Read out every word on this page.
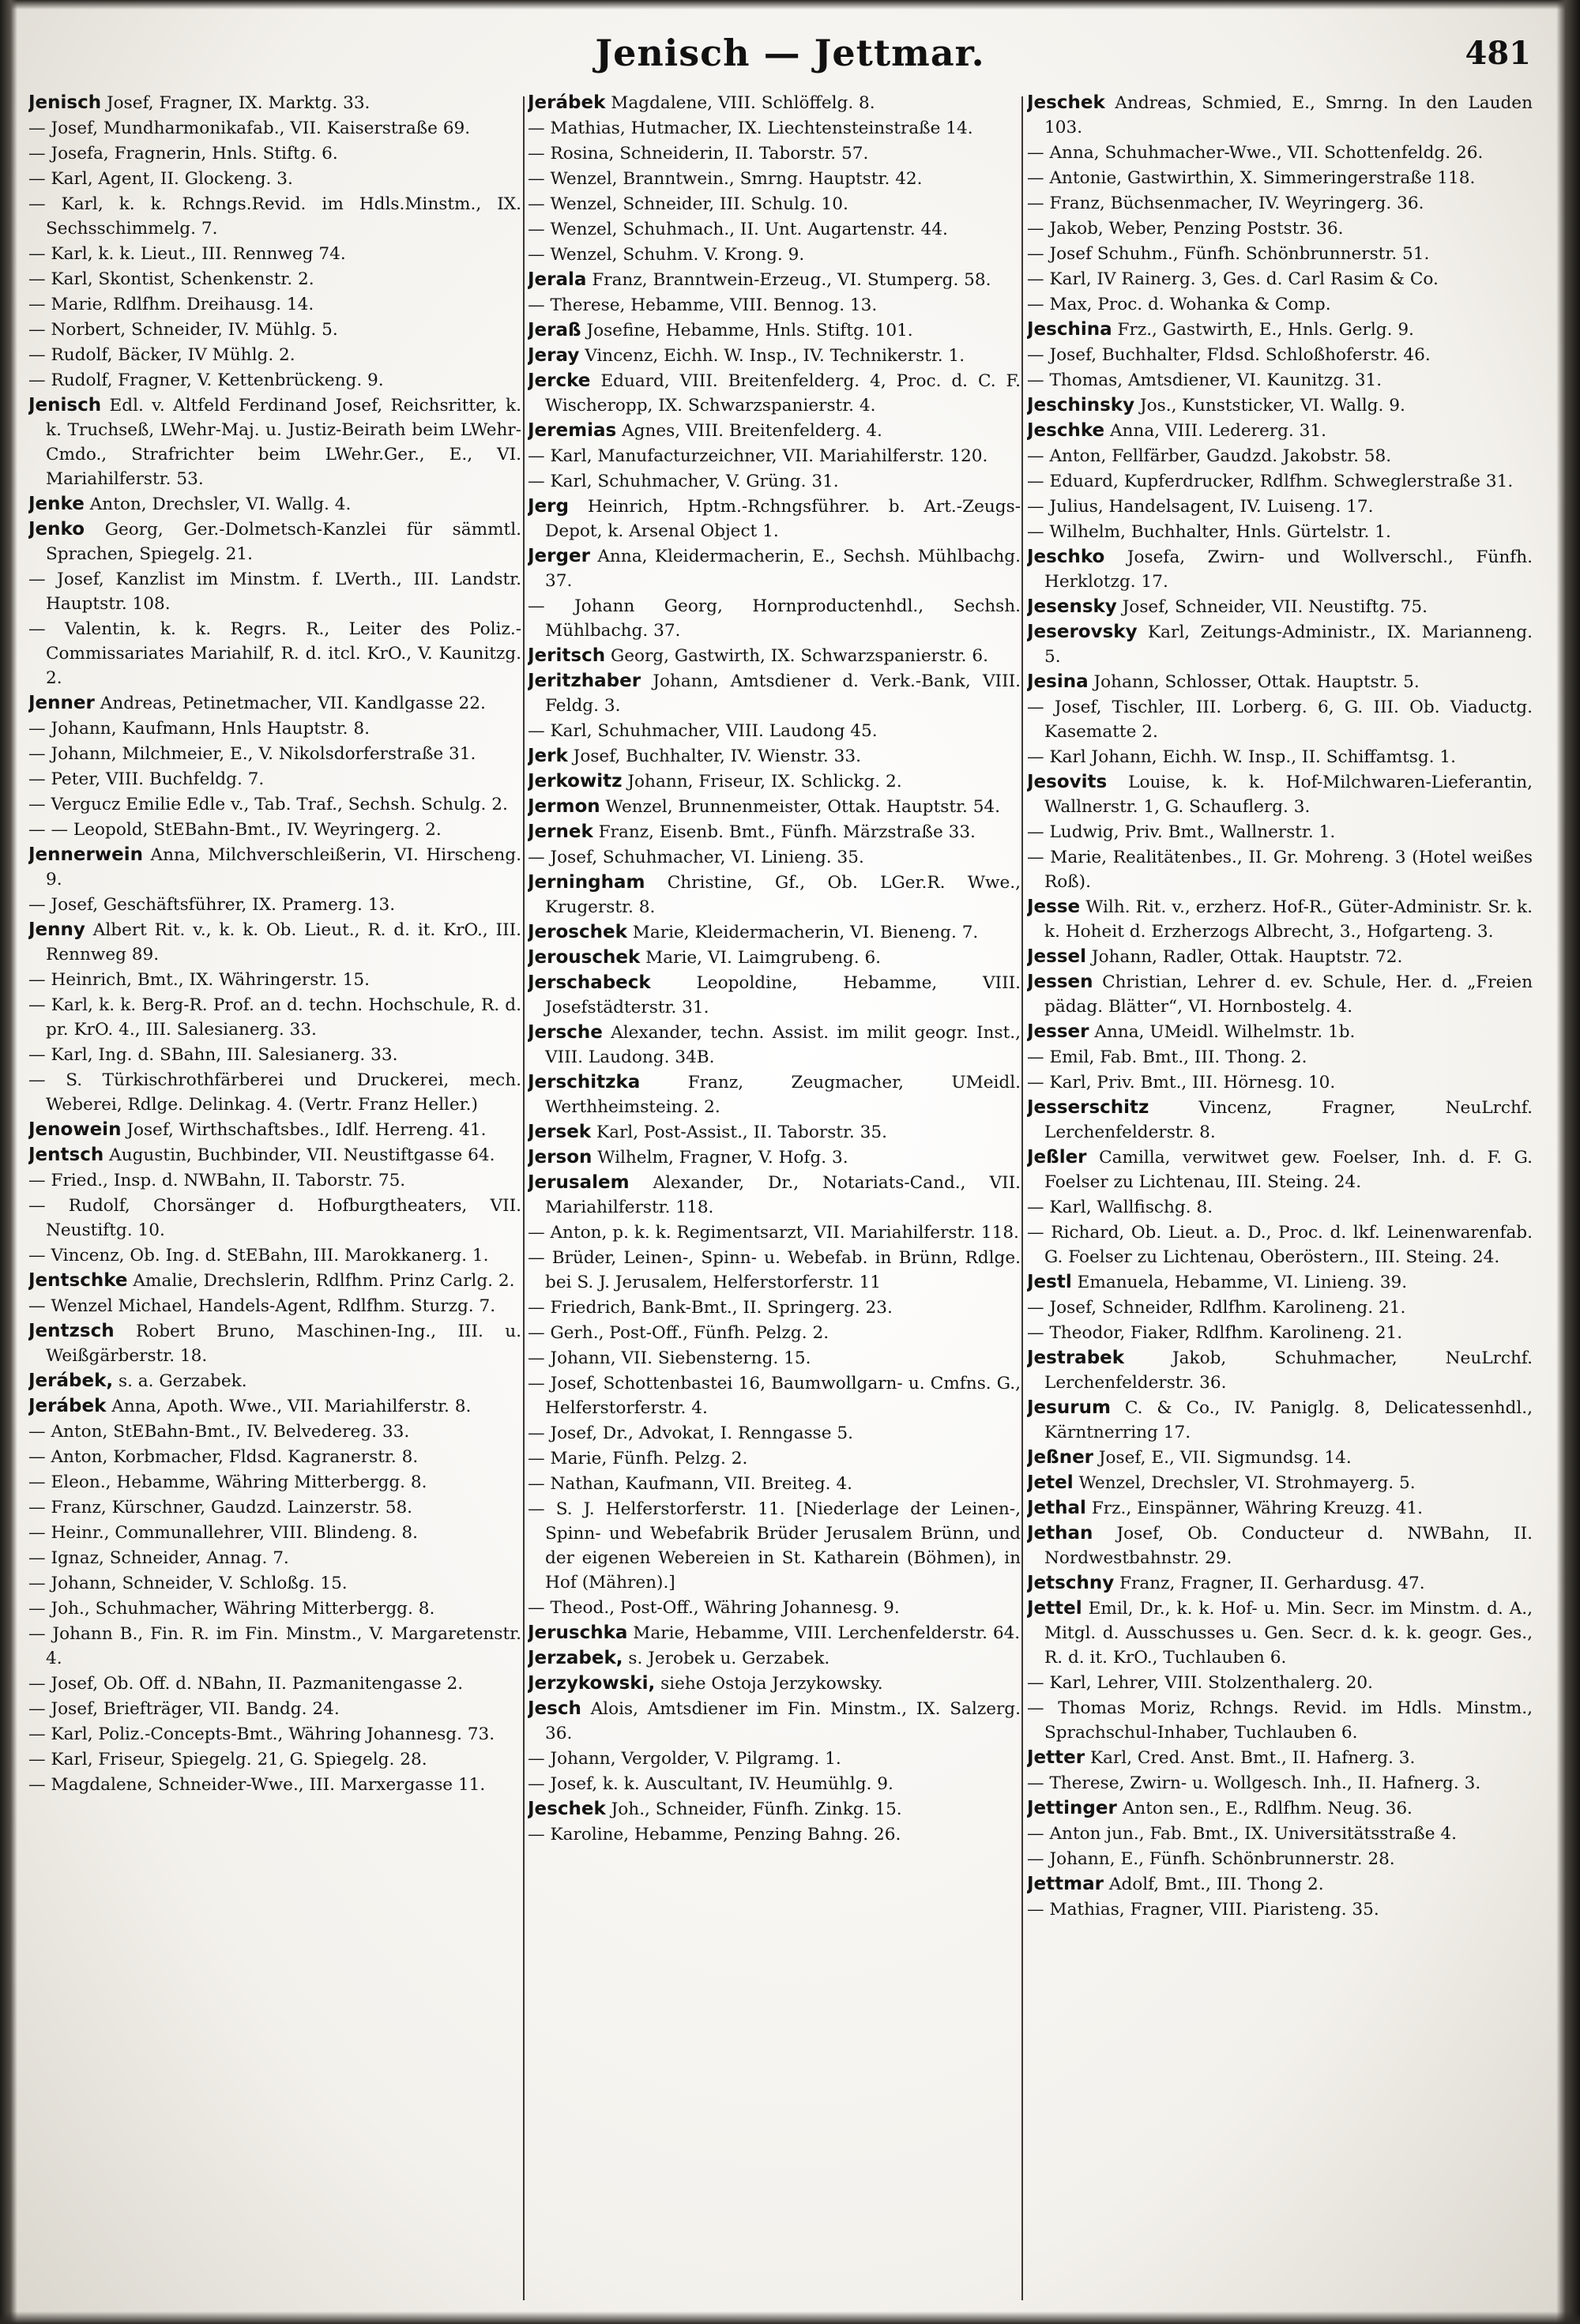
Jenisch — Jettmar.	481
Jenisch Josef, Fragner, IX. Marktg. 33.
— Josef, Mundharmonikafab., VII. Kaiserstraße 69.
— Josefa, Fragnerin, Hnls. Stiftg. 6.
— Karl, Agent, II. Glockeng. 3.
— Karl, k. k. Rchngs.Revid. im Hdls.Minstm., IX. Sechsschimmelg. 7.
— Karl, k. k. Lieut., III. Rennweg 74.
— Karl, Skontist, Schenkenstr. 2.
— Marie, Rdlfhm. Dreihausg. 14.
— Norbert, Schneider, IV. Mühlg. 5.
— Rudolf, Bäcker, IV Mühlg. 2.
— Rudolf, Fragner, V. Kettenbrückeng. 9.
Jenisch Edl. v. Altfeld Ferdinand Josef, Reichsritter, k. k. Truchseß, LWehr-Maj. u. Justiz-Beirath beim LWehr-Cmdo., Strafrichter beim LWehr.Ger., E., VI. Mariahilferstr. 53.
Jenke Anton, Drechsler, VI. Wallg. 4.
Jenko Georg, Ger.-Dolmetsch-Kanzlei für sämmtl. Sprachen, Spiegelg. 21.
— Josef, Kanzlist im Minstm. f. LVerth., III. Landstr. Hauptstr. 108.
— Valentin, k. k. Regrs. R., Leiter des Poliz.-Commissariates Mariahilf, R. d. itcl. KrO., V. Kaunitzg. 2.
Jenner Andreas, Petinetmacher, VII. Kandlgasse 22.
— Johann, Kaufmann, Hnls Hauptstr. 8.
— Johann, Milchmeier, E., V. Nikolsdorferstraße 31.
— Peter, VIII. Buchfeldg. 7.
— Vergucz Emilie Edle v., Tab. Traf., Sechsh. Schulg. 2.
— — Leopold, StEBahn-Bmt., IV. Weyringerg. 2.
Jennerwein Anna, Milchverschleißerin, VI. Hirscheng. 9.
— Josef, Geschäftsführer, IX. Pramerg. 13.
Jenny Albert Rit. v., k. k. Ob. Lieut., R. d. it. KrO., III. Rennweg 89.
— Heinrich, Bmt., IX. Währingerstr. 15.
— Karl, k. k. Berg-R. Prof. an d. techn. Hochschule, R. d. pr. KrO. 4., III. Salesianerg. 33.
— Karl, Ing. d. SBahn, III. Salesianerg. 33.
— S. Türkischrothfärberei und Druckerei, mech. Weberei, Rdlge. Delinkag. 4. (Vertr. Franz Heller.)
Jenowein Josef, Wirthschaftsbes., Idlf. Herreng. 41.
Jentsch Augustin, Buchbinder, VII. Neustiftgasse 64.
— Fried., Insp. d. NWBahn, II. Taborstr. 75.
— Rudolf, Chorsänger d. Hofburgtheaters, VII. Neustiftg. 10.
— Vincenz, Ob. Ing. d. StEBahn, III. Marokkanerg. 1.
Jentschke Amalie, Drechslerin, Rdlfhm. Prinz Carlg. 2.
— Wenzel Michael, Handels-Agent, Rdlfhm. Sturzg. 7.
Jentzsch Robert Bruno, Maschinen-Ing., III. u. Weißgärberstr. 18.
Jerábek, s. a. Gerzabek.
Jerábek Anna, Apoth. Wwe., VII. Mariahilferstr. 8.
— Anton, StEBahn-Bmt., IV. Belvedereg. 33.
— Anton, Korbmacher, Fldsd. Kagranerstr. 8.
— Eleon., Hebamme, Währing Mitterbergg. 8.
— Franz, Kürschner, Gaudzd. Lainzerstr. 58.
— Heinr., Communallehrer, VIII. Blindeng. 8.
— Ignaz, Schneider, Annag. 7.
— Johann, Schneider, V. Schloßg. 15.
— Joh., Schuhmacher, Währing Mitterbergg. 8.
— Johann B., Fin. R. im Fin. Minstm., V. Margaretenstr. 4.
— Josef, Ob. Off. d. NBahn, II. Pazmanitengasse 2.
— Josef, Briefträger, VII. Bandg. 24.
— Karl, Poliz.-Concepts-Bmt., Währing Johannesg. 73.
— Karl, Friseur, Spiegelg. 21, G. Spiegelg. 28.
— Magdalene, Schneider-Wwe., III. Marxergasse 11.
Jerábek Magdalene, VIII. Schlöffelg. 8.
— Mathias, Hutmacher, IX. Liechtensteinstraße 14.
— Rosina, Schneiderin, II. Taborstr. 57.
— Wenzel, Branntwein., Smrng. Hauptstr. 42.
— Wenzel, Schneider, III. Schulg. 10.
— Wenzel, Schuhmach., II. Unt. Augartenstr. 44.
— Wenzel, Schuhm. V. Krong. 9.
Jerala Franz, Branntwein-Erzeug., VI. Stumperg. 58.
— Therese, Hebamme, VIII. Bennog. 13.
Jeraß Josefine, Hebamme, Hnls. Stiftg. 101.
Jeray Vincenz, Eichh. W. Insp., IV. Technikerstr. 1.
Jercke Eduard, VIII. Breitenfelderg. 4, Proc. d. C. F. Wischeropp, IX. Schwarzspanierstr. 4.
Jeremias Agnes, VIII. Breitenfelderg. 4.
— Karl, Manufacturzeichner, VII. Mariahilferstr. 120.
— Karl, Schuhmacher, V. Grüng. 31.
Jerg Heinrich, Hptm.-Rchngsführer. b. Art.-Zeugs-Depot, k. Arsenal Object 1.
Jerger Anna, Kleidermacherin, E., Sechsh. Mühlbachg. 37.
— Johann Georg, Hornproductenhdl., Sechsh. Mühlbachg. 37.
Jeritsch Georg, Gastwirth, IX. Schwarzspanierstr. 6.
Jeritzhaber Johann, Amtsdiener d. Verk.-Bank, VIII. Feldg. 3.
— Karl, Schuhmacher, VIII. Laudong 45.
Jerk Josef, Buchhalter, IV. Wienstr. 33.
Jerkowitz Johann, Friseur, IX. Schlickg. 2.
Jermon Wenzel, Brunnenmeister, Ottak. Hauptstr. 54.
Jernek Franz, Eisenb. Bmt., Fünfh. Märzstraße 33.
— Josef, Schuhmacher, VI. Linieng. 35.
Jerningham Christine, Gf., Ob. LGer.R. Wwe., Krugerstr. 8.
Jeroschek Marie, Kleidermacherin, VI. Bieneng. 7.
Jerouschek Marie, VI. Laimgrubeng. 6.
Jerschabeck	Leopoldine, Hebamme, VIII. Josefstädterstr. 31.
Jersche Alexander, techn. Assist. im milit geogr. Inst., VIII. Laudong. 34B.
Jerschitzka	Franz, Zeugmacher, UMeidl. Werthheimsteing. 2.
Jersek Karl, Post-Assist., II. Taborstr. 35.
Jerson Wilhelm, Fragner, V. Hofg. 3.
Jerusalem Alexander, Dr., Notariats-Cand., VII. Mariahilferstr. 118.
— Anton, p. k. k. Regimentsarzt, VII. Mariahilferstr. 118.
— Brüder, Leinen-, Spinn- u. Webefab. in Brünn, Rdlge. bei S. J. Jerusalem, Helferstorferstr. 11
— Friedrich, Bank-Bmt., II. Springerg. 23.
— Gerh., Post-Off., Fünfh. Pelzg. 2.
— Johann, VII. Siebensterng. 15.
— Josef, Schottenbastei 16, Baumwollgarn- u. Cmfns. G., Helferstorferstr. 4.
— Josef, Dr., Advokat, I. Renngasse 5.
— Marie, Fünfh. Pelzg. 2.
— Nathan, Kaufmann, VII. Breiteg. 4.
— S. J. Helferstorferstr. 11. [Niederlage der Leinen-, Spinn- und Webefabrik Brüder Jerusalem Brünn, und der eigenen Webereien in St. Katharein (Böhmen), in Hof (Mähren).]
— Theod., Post-Off., Währing Johannesg. 9.
Jeruschka Marie, Hebamme, VIII. Lerchenfelderstr. 64.
Jerzabek, s. Jerobek u. Gerzabek.
Jerzykowski, siehe Ostoja Jerzykowsky.
Jesch Alois, Amtsdiener im Fin. Minstm., IX. Salzerg. 36.
— Johann, Vergolder, V. Pilgramg. 1.
— Josef, k. k. Auscultant, IV. Heumühlg. 9.
Jeschek Joh., Schneider, Fünfh. Zinkg. 15.
— Karoline, Hebamme, Penzing Bahng. 26.
Jeschek Andreas, Schmied, E., Smrng. In den Lauden 103.
— Anna, Schuhmacher-Wwe., VII. Schottenfeldg. 26.
— Antonie, Gastwirthin, X. Simmeringerstraße 118.
— Franz, Büchsenmacher, IV. Weyringerg. 36.
— Jakob, Weber, Penzing Poststr. 36.
— Josef Schuhm., Fünfh. Schönbrunnerstr. 51.
— Karl, IV Rainerg. 3, Ges. d. Carl Rasim & Co.
— Max, Proc. d. Wohanka & Comp.
Jeschina Frz., Gastwirth, E., Hnls. Gerlg. 9.
— Josef, Buchhalter, Fldsd. Schloßhoferstr. 46.
— Thomas, Amtsdiener, VI. Kaunitzg. 31.
Jeschinsky Jos., Kunststicker, VI. Wallg. 9.
Jeschke Anna, VIII. Ledererg. 31.
— Anton, Fellfärber, Gaudzd. Jakobstr. 58.
— Eduard, Kupferdrucker, Rdlfhm. Schweglerstraße 31.
— Julius, Handelsagent, IV. Luiseng. 17.
— Wilhelm, Buchhalter, Hnls. Gürtelstr. 1.
Jeschko Josefa, Zwirn- und Wollverschl., Fünfh. Herklotzg. 17.
Jesensky Josef, Schneider, VII. Neustiftg. 75.
Jeserovsky Karl, Zeitungs-Administr., IX. Marianneng. 5.
Jesina Johann, Schlosser, Ottak. Hauptstr. 5.
— Josef, Tischler, III. Lorberg. 6, G. III. Ob. Viaductg. Kasematte 2.
— Karl Johann, Eichh. W. Insp., II. Schiffamtsg. 1.
Jesovits Louise, k. k. Hof-Milchwaren-Lieferantin, Wallnerstr. 1, G. Schauflerg. 3.
— Ludwig, Priv. Bmt., Wallnerstr. 1.
— Marie, Realitätenbes., II. Gr. Mohreng. 3 (Hotel weißes Roß).
Jesse Wilh. Rit. v., erzherz. Hof-R., Güter-Administr. Sr. k. k. Hoheit d. Erzherzogs Albrecht, 3., Hofgarteng. 3.
Jessel Johann, Radler, Ottak. Hauptstr. 72.
Jessen Christian, Lehrer d. ev. Schule, Her. d. „Freien pädag. Blätter“, VI. Hornbostelg. 4.
Jesser Anna, UMeidl. Wilhelmstr. 1b.
— Emil, Fab. Bmt., III. Thong. 2.
— Karl, Priv. Bmt., III. Hörnesg. 10.
Jesserschitz	Vincenz, Fragner, NeuLrchf. Lerchenfelderstr. 8.
Jeßler Camilla, verwitwet gew. Foelser, Inh. d. F. G. Foelser zu Lichtenau, III. Steing. 24.
— Karl, Wallfischg. 8.
— Richard, Ob. Lieut. a. D., Proc. d. lkf. Leinenwarenfab. G. Foelser zu Lichtenau, Oberöstern., III. Steing. 24.
Jestl Emanuela, Hebamme, VI. Linieng. 39.
— Josef, Schneider, Rdlfhm. Karolineng. 21.
— Theodor, Fiaker, Rdlfhm. Karolineng. 21.
Jestrabek	Jakob, Schuhmacher, NeuLrchf. Lerchenfelderstr. 36.
Jesurum C. & Co., IV. Paniglg. 8, Delicatessenhdl., Kärntnerring 17.
Jeßner Josef, E., VII. Sigmundsg. 14.
Jetel Wenzel, Drechsler, VI. Strohmayerg. 5.
Jethal Frz., Einspänner, Währing Kreuzg. 41.
Jethan Josef, Ob. Conducteur d. NWBahn, II. Nordwestbahnstr. 29.
Jetschny Franz, Fragner, II. Gerhardusg. 47.
Jettel Emil, Dr., k. k. Hof- u. Min. Secr. im Minstm. d. A., Mitgl. d. Ausschusses u. Gen. Secr. d. k. k. geogr. Ges., R. d. it. KrO., Tuchlauben 6.
— Karl, Lehrer, VIII. Stolzenthalerg. 20.
— Thomas Moriz, Rchngs. Revid. im Hdls. Minstm., Sprachschul-Inhaber, Tuchlauben 6.
Jetter Karl, Cred. Anst. Bmt., II. Hafnerg. 3.
— Therese, Zwirn- u. Wollgesch. Inh., II. Hafnerg. 3.
Jettinger Anton sen., E., Rdlfhm. Neug. 36.
— Anton jun., Fab. Bmt., IX. Universitätsstraße 4.
— Johann, E., Fünfh. Schönbrunnerstr. 28.
Jettmar Adolf, Bmt., III. Thong 2.
— Mathias, Fragner, VIII. Piaristeng. 35.
